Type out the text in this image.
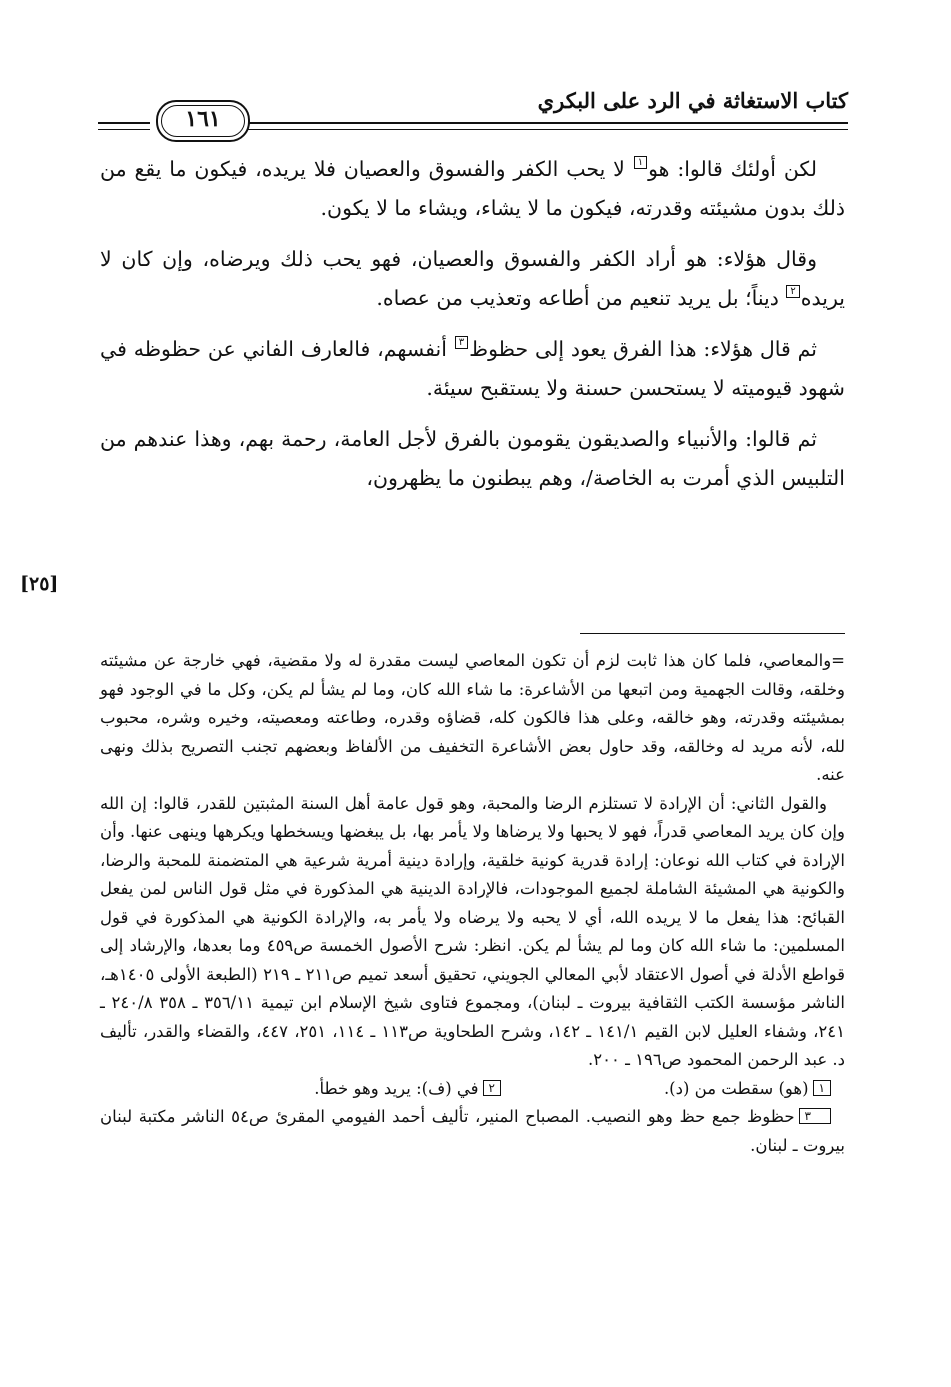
كتاب الاستغاثة في الرد على البكري
١٦١

لكن أولئك قالوا: هو١ لا يحب الكفر والفسوق والعصيان فلا يريده، فيكون ما يقع من ذلك بدون مشيئته وقدرته، فيكون ما لا يشاء، ويشاء ما لا يكون.

وقال هؤلاء: هو أراد الكفر والفسوق والعصيان، فهو يحب ذلك ويرضاه، وإن كان لا يريده٢ ديناً؛ بل يريد تنعيم من أطاعه وتعذيب من عصاه.

ثم قال هؤلاء: هذا الفرق يعود إلى حظوظ٣ أنفسهم، فالعارف الفاني عن حظوظه في شهود قيوميته لا يستحسن حسنة ولا يستقبح سيئة.

ثم قالوا: والأنبياء والصديقون يقومون بالفرق لأجل العامة، رحمة بهم، وهذا عندهم من التلبيس الذي أمرت به الخاصة/، وهم يبطنون ما يظهرون،

[٢٥]

=والمعاصي، فلما كان هذا ثابت لزم أن تكون المعاصي ليست مقدرة له ولا مقضية، فهي خارجة عن مشيئته وخلقه، وقالت الجهمية ومن اتبعها من الأشاعرة: ما شاء الله كان، وما لم يشأ لم يكن، وكل ما في الوجود فهو بمشيئته وقدرته، وهو خالقه، وعلى هذا فالكون كله، قضاؤه وقدره، وطاعته ومعصيته، وخيره وشره، محبوب لله، لأنه مريد له وخالقه، وقد حاول بعض الأشاعرة التخفيف من الألفاظ وبعضهم تجنب التصريح بذلك ونهى عنه.

والقول الثاني: أن الإرادة لا تستلزم الرضا والمحبة، وهو قول عامة أهل السنة المثبتين للقدر، قالوا: إن الله وإن كان يريد المعاصي قدراً، فهو لا يحبها ولا يرضاها ولا يأمر بها، بل يبغضها ويسخطها ويكرهها وينهى عنها. وأن الإرادة في كتاب الله نوعان: إرادة قدرية كونية خلقية، وإرادة دينية أمرية شرعية هي المتضمنة للمحبة والرضا، والكونية هي المشيئة الشاملة لجميع الموجودات، فالإرادة الدينية هي المذكورة في مثل قول الناس لمن يفعل القبائح: هذا يفعل ما لا يريده الله، أي لا يحبه ولا يرضاه ولا يأمر به، والإرادة الكونية هي المذكورة في قول المسلمين: ما شاء الله كان وما لم يشأ لم يكن. انظر: شرح الأصول الخمسة ص٤٥٩ وما بعدها، والإرشاد إلى قواطع الأدلة في أصول الاعتقاد لأبي المعالي الجويني، تحقيق أسعد تميم ص٢١١ ـ ٢١٩ (الطبعة الأولى ١٤٠٥هـ، الناشر مؤسسة الكتب الثقافية بيروت ـ لبنان)، ومجموع فتاوى شيخ الإسلام ابن تيمية ٣٥٦/١١ ـ ٣٥٨ ٢٤٠/٨ ـ ٢٤١، وشفاء العليل لابن القيم ١٤١/١ ـ ١٤٢، وشرح الطحاوية ص١١٣ ـ ١١٤، ٢٥١، ٤٤٧، والقضاء والقدر، تأليف د. عبد الرحمن المحمود ص١٩٦ ـ ٢٠٠.

١(هو) سقطت من (د).
٢في (ف): يريد وهو خطأ.

٣حظوظ جمع حظ وهو النصيب. المصباح المنير، تأليف أحمد الفيومي المقرئ ص٥٤ الناشر مكتبة لبنان بيروت ـ لبنان.
